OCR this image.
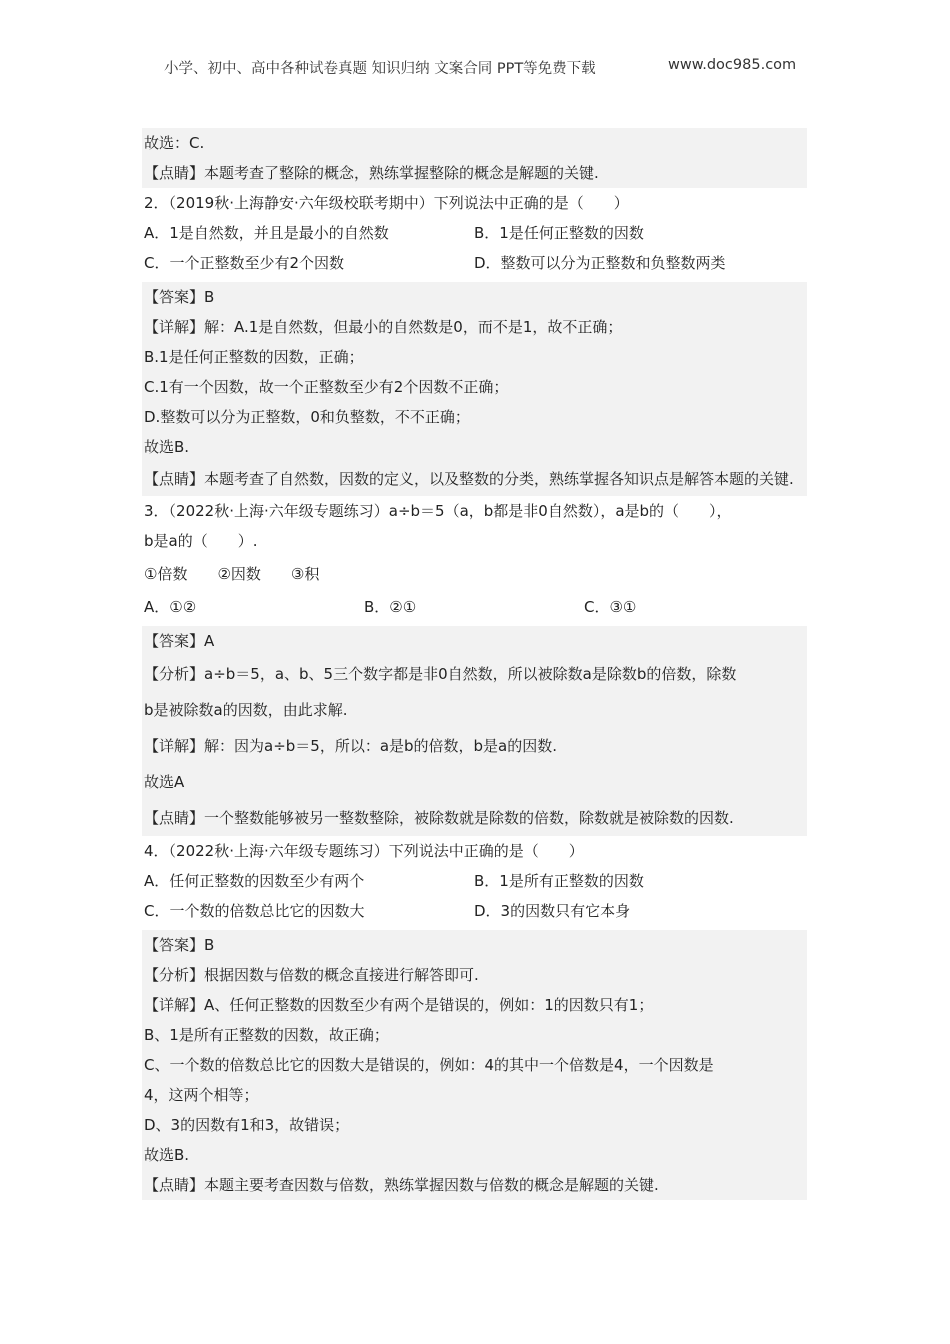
小学、初中、高中各种试卷真题 知识归纳 文案合同 PPT等免费下载	www.doc985.com
故选：C.
【点睛】本题考查了整除的概念，熟练掌握整除的概念是解题的关键.
2．（2019秋·上海静安·六年级校联考期中）下列说法中正确的是（　　）
A．1是自然数，并且是最小的自然数	B．1是任何正整数的因数
C．一个正整数至少有2个因数	D．整数可以分为正整数和负整数两类
【答案】B
【详解】解：A.1是自然数，但最小的自然数是0，而不是1，故不正确；
B.1是任何正整数的因数，正确；
C.1有一个因数，故一个正整数至少有2个因数不正确；
D.整数可以分为正整数，0和负整数，不不正确；
故选B.
【点睛】本题考查了自然数，因数的定义，以及整数的分类，熟练掌握各知识点是解答本题的关键.
3．（2022秋·上海·六年级专题练习）a÷b＝5（a，b都是非0自然数），a是b的（　　），
b是a的（　　）.
①倍数　　②因数　　③积
A．①②	B．②①	C．③①
【答案】A
【分析】a÷b＝5，a、b、5三个数字都是非0自然数，所以被除数a是除数b的倍数，除数
b是被除数a的因数，由此求解.
【详解】解：因为a÷b＝5，所以：a是b的倍数，b是a的因数.
故选A
【点睛】一个整数能够被另一整数整除，被除数就是除数的倍数，除数就是被除数的因数.
4．（2022秋·上海·六年级专题练习）下列说法中正确的是（　　）
A．任何正整数的因数至少有两个	B．1是所有正整数的因数
C．一个数的倍数总比它的因数大	D．3的因数只有它本身
【答案】B
【分析】根据因数与倍数的概念直接进行解答即可.
【详解】A、任何正整数的因数至少有两个是错误的，例如：1的因数只有1；
B、1是所有正整数的因数，故正确；
C、一个数的倍数总比它的因数大是错误的，例如：4的其中一个倍数是4，一个因数是
4，这两个相等；
D、3的因数有1和3，故错误；
故选B.
【点睛】本题主要考查因数与倍数，熟练掌握因数与倍数的概念是解题的关键.
